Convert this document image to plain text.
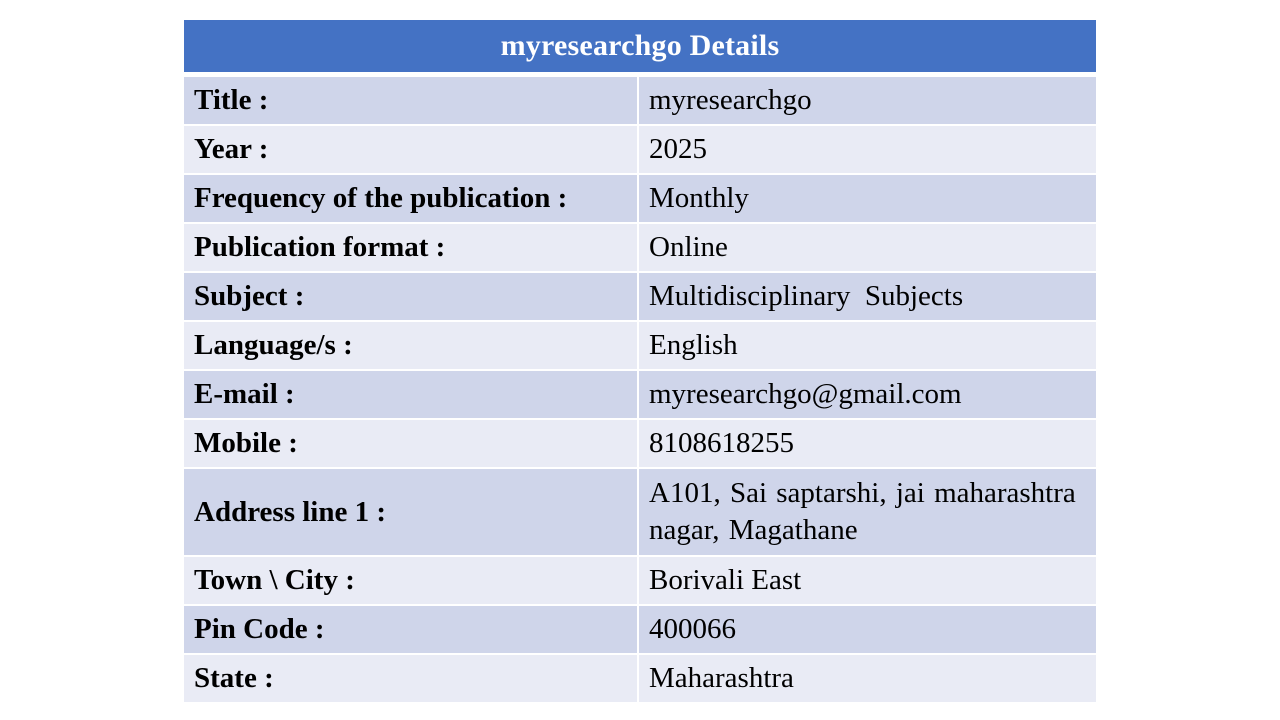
myresearchgo Details	
Title :	myresearchgo
Year :	2025
Frequency of the publication :	Monthly
Publication format :	Online
Subject :	Multidisciplinary  Subjects
Language/s :	English
E-mail :	myresearchgo@gmail.com
Mobile :	8108618255
Address line 1 :	A101, Sai saptarshi, jai maharashtra nagar, Magathane
Town \ City :	Borivali East
Pin Code :	400066
State :	Maharashtra
